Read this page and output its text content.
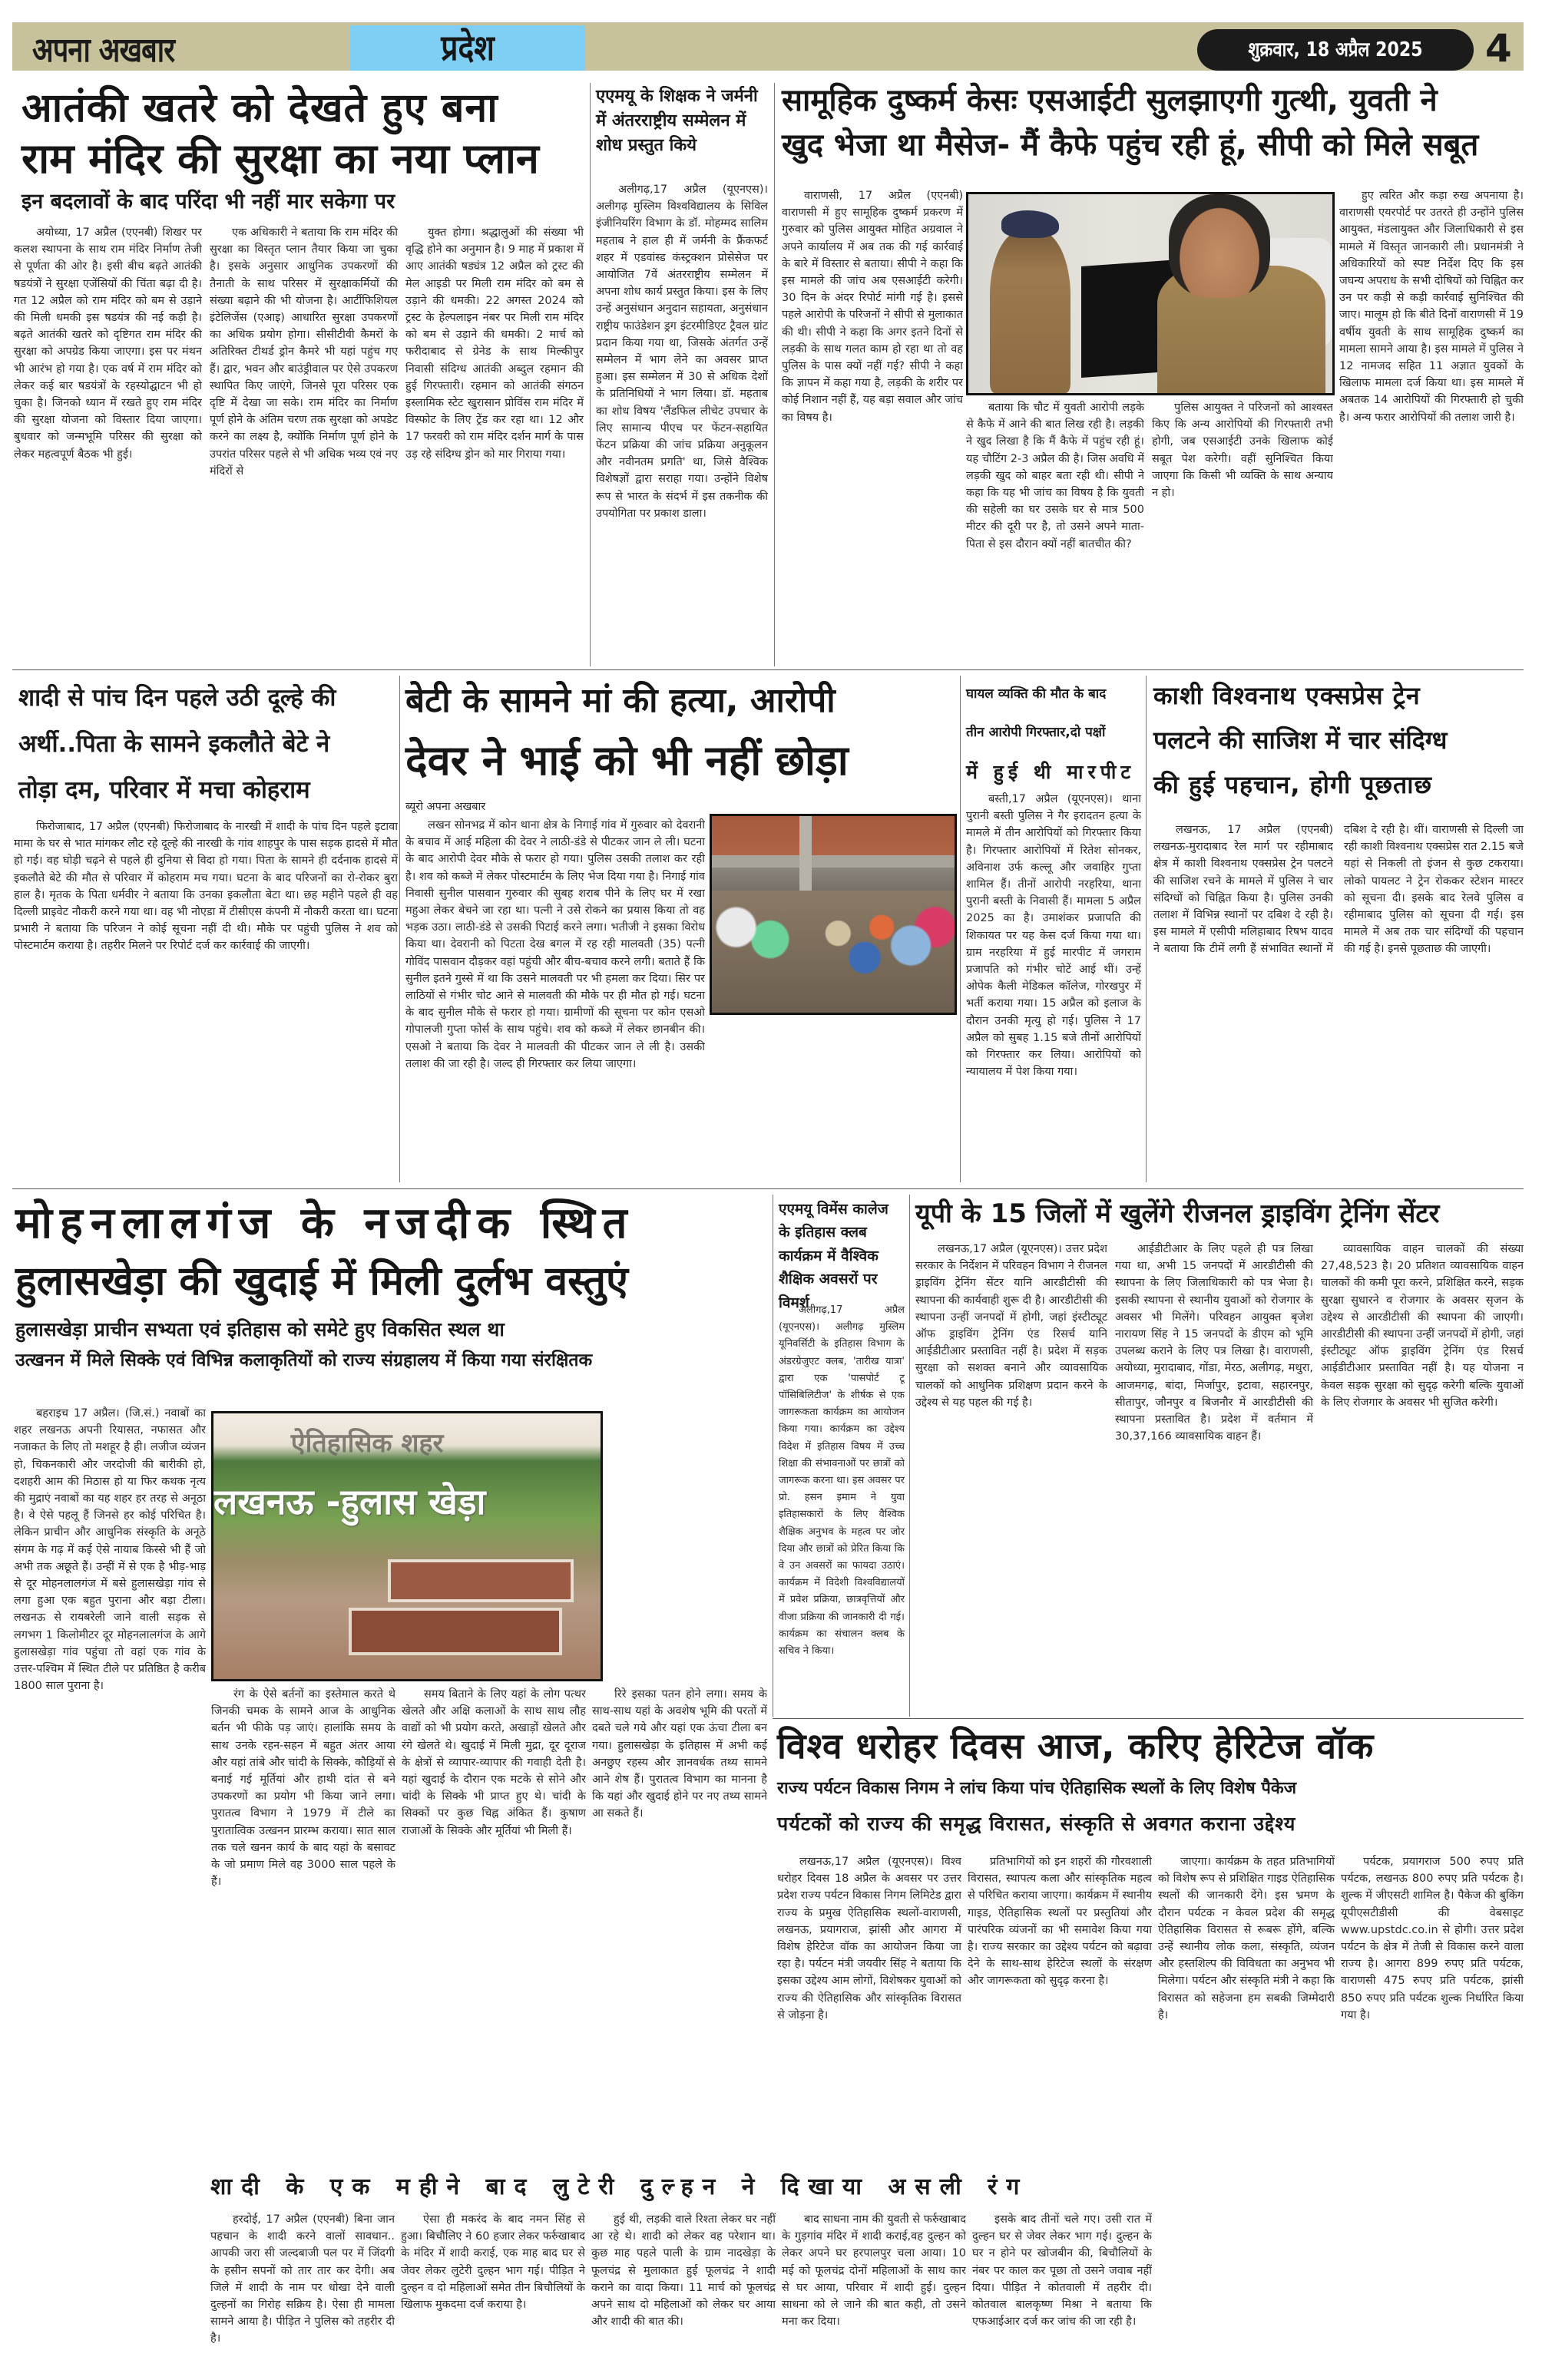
अपना अखबार	प्रदेश	शुक्रवार, 18 अप्रैल 2025	4
आतंकी खतरे को देखते हुए बना
राम मंदिर की सुरक्षा का नया प्लान
इन बदलावों के बाद परिंदा भी नहीं मार सकेगा पर

अयोध्या, 17 अप्रैल (एएनबी) शिखर पर कलश स्थापना के साथ राम मंदिर निर्माण तेजी से पूर्णता की ओर है। इसी बीच बढ़ते आतंकी षडयंत्रों ने सुरक्षा एजेंसियों की चिंता बढ़ा दी है। गत 12 अप्रैल को राम मंदिर को बम से उड़ाने की मिली धमकी इस षडयंत्र की नई कड़ी है। बढ़ते आतंकी खतरे को दृष्टिगत राम मंदिर की सुरक्षा को अपग्रेड किया जाएगा। इस पर मंथन भी आरंभ हो गया है। एक वर्ष में राम मंदिर को लेकर कई बार षडयंत्रों के रहस्योद्घाटन भी हो चुका है। जिनको ध्यान में रखते हुए राम मंदिर की सुरक्षा योजना को विस्तार दिया जाएगा। बुधवार को जन्मभूमि परिसर की सुरक्षा को लेकर महत्वपूर्ण बैठक भी हुई।

एक अधिकारी ने बताया कि राम मंदिर की सुरक्षा का विस्तृत प्लान तैयार किया जा चुका है। इसके अनुसार आधुनिक उपकरणों की तैनाती के साथ परिसर में सुरक्षाकर्मियों की संख्या बढ़ाने की भी योजना है। आर्टीफिशियल इंटेलिजेंस (एआइ) आधारित सुरक्षा उपकरणों का अधिक प्रयोग होगा। सीसीटीवी कैमरों के अतिरिक्त टीथर्ड ड्रोन कैमरे भी यहां पहुंच गए हैं। द्वार, भवन और बाउंड्रीवाल पर ऐसे उपकरण स्थापित किए जाएंगे, जिनसे पूरा परिसर एक दृष्टि में देखा जा सके। राम मंदिर का निर्माण पूर्ण होने के अंतिम चरण तक सुरक्षा को अपडेट करने का लक्ष्य है, क्योंकि निर्माण पूर्ण होने के उपरांत परिसर पहले से भी अधिक भव्य एवं नए मंदिरों से

युक्त होगा। श्रद्धालुओं की संख्या भी वृद्धि होने का अनुमान है। 9 माह में प्रकाश में आए आतंकी षड्यंत्र 12 अप्रैल को ट्रस्ट की मेल आइडी पर मिली राम मंदिर को बम से उड़ाने की धमकी। 22 अगस्त 2024 को ट्रस्ट के हेल्पलाइन नंबर पर मिली राम मंदिर को बम से उड़ाने की धमकी। 2 मार्च को फरीदाबाद से ग्रेनेड के साथ मिल्कीपुर निवासी संदिग्ध आतंकी अब्दुल रहमान की हुई गिरफ्तारी। रहमान को आतंकी संगठन इस्लामिक स्टेट खुरासान प्रोविंस राम मंदिर में विस्फोट के लिए ट्रेंड कर रहा था। 12 और 17 फरवरी को राम मंदिर दर्शन मार्ग के पास उड़ रहे संदिग्ध ड्रोन को मार गिराया गया।

एएमयू के शिक्षक ने जर्मनी में अंतरराष्ट्रीय सम्मेलन में शोध प्रस्तुत किये

अलीगढ़,17 अप्रैल (यूएनएस)। अलीगढ़ मुस्लिम विश्वविद्यालय के सिविल इंजीनियरिंग विभाग के डॉ. मोहम्मद सालिम महताब ने हाल ही में जर्मनी के फ्रैंकफर्ट शहर में एडवांस्ड कंस्ट्रक्शन प्रोसेसेज पर आयोजित 7वें अंतरराष्ट्रीय सम्मेलन में अपना शोध कार्य प्रस्तुत किया। इस के लिए उन्हें अनुसंधान अनुदान सहायता, अनुसंधान राष्ट्रीय फाउंडेशन ड्रग इंटरमीडिएट ट्रैवल ग्रांट प्रदान किया गया था, जिसके अंतर्गत उन्हें सम्मेलन में भाग लेने का अवसर प्राप्त हुआ। इस सम्मेलन में 30 से अधिक देशों के प्रतिनिधियों ने भाग लिया। डॉ. महताब का शोध विषय 'लैंडफिल लीचेट उपचार के लिए सामान्य पीएच पर फेंटन-सहायित फेंटन प्रक्रिया की जांच प्रक्रिया अनुकूलन और नवीनतम प्रगति' था, जिसे वैश्विक विशेषज्ञों द्वारा सराहा गया। उन्होंने विशेष रूप से भारत के संदर्भ में इस तकनीक की उपयोगिता पर प्रकाश डाला।

सामूहिक दुष्कर्म केसः एसआईटी सुलझाएगी गुत्थी, युवती ने
खुद भेजा था मैसेज- मैं कैफे पहुंच रही हूं, सीपी को मिले सबूत

वाराणसी, 17 अप्रैल (एएनबी) वाराणसी में हुए सामूहिक दुष्कर्म प्रकरण में गुरुवार को पुलिस आयुक्त मोहित अग्रवाल ने अपने कार्यालय में अब तक की गई कार्रवाई के बारे में विस्तार से बताया। सीपी ने कहा कि इस मामले की जांच अब एसआईटी करेगी। 30 दिन के अंदर रिपोर्ट मांगी गई है। इससे पहले आरोपी के परिजनों ने सीपी से मुलाकात की थी। सीपी ने कहा कि अगर इतने दिनों से लड़की के साथ गलत काम हो रहा था तो वह पुलिस के पास क्यों नहीं गई? सीपी ने कहा कि ज्ञापन में कहा गया है, लड़की के शरीर पर कोई निशान नहीं हैं, यह बड़ा सवाल और जांच का विषय है।

बताया कि चौट में युवती आरोपी लड़के से कैफे में आने की बात लिख रही है। लड़की ने खुद लिखा है कि मैं कैफे में पहुंच रही हूं। यह चौटिंग 2-3 अप्रैल की है। जिस अवधि में लड़की खुद को बाहर बता रही थी। सीपी ने कहा कि यह भी जांच का विषय है कि युवती की सहेली का घर उसके घर से मात्र 500 मीटर की दूरी पर है, तो उसने अपने माता-पिता से इस दौरान क्यों नहीं बातचीत की?

पुलिस आयुक्त ने परिजनों को आश्वस्त किए कि अन्य आरोपियों की गिरफ्तारी तभी होगी, जब एसआईटी उनके खिलाफ कोई सबूत पेश करेगी। वहीं सुनिश्चित किया जाएगा कि किसी भी व्यक्ति के साथ अन्याय न हो।

हुए त्वरित और कड़ा रुख अपनाया है। वाराणसी एयरपोर्ट पर उतरते ही उन्होंने पुलिस आयुक्त, मंडलायुक्त और जिलाधिकारी से इस मामले में विस्तृत जानकारी ली। प्रधानमंत्री ने अधिकारियों को स्पष्ट निर्देश दिए कि इस जघन्य अपराध के सभी दोषियों को चिह्नित कर उन पर कड़ी से कड़ी कार्रवाई सुनिश्चित की जाए। मालूम हो कि बीते दिनों वाराणसी में 19 वर्षीय युवती के साथ सामूहिक दुष्कर्म का मामला सामने आया है। इस मामले में पुलिस ने 12 नामजद सहित 11 अज्ञात युवकों के खिलाफ मामला दर्ज किया था। इस मामले में अबतक 14 आरोपियों की गिरफ्तारी हो चुकी है। अन्य फरार आरोपियों की तलाश जारी है।

शादी से पांच दिन पहले उठी दूल्हे की
अर्थी..पिता के सामने इकलौते बेटे ने
तोड़ा दम, परिवार में मचा कोहराम

फिरोजाबाद, 17 अप्रैल (एएनबी) फिरोजाबाद के नारखी में शादी के पांच दिन पहले इटावा मामा के घर से भात मांगकर लौट रहे दूल्हे की नारखी के गांव शाहपुर के पास सड़क हादसे में मौत हो गई। वह घोड़ी चढ़ने से पहले ही दुनिया से विदा हो गया। पिता के सामने ही दर्दनाक हादसे में इकलौते बेटे की मौत से परिवार में कोहराम मच गया। घटना के बाद परिजनों का रो-रोकर बुरा हाल है। मृतक के पिता धर्मवीर ने बताया कि उनका इकलौता बेटा था। छह महीने पहले ही वह दिल्ली प्राइवेट नौकरी करने गया था। वह भी नोएडा में टीसीएस कंपनी में नौकरी करता था। घटना प्रभारी ने बताया कि परिजन ने कोई सूचना नहीं दी थी। मौके पर पहुंची पुलिस ने शव को पोस्टमार्टम कराया है। तहरीर मिलने पर रिपोर्ट दर्ज कर कार्रवाई की जाएगी।

बेटी के सामने मां की हत्या, आरोपी
देवर ने भाई को भी नहीं छोड़ा
ब्यूरो अपना अखबार

लखन सोनभद्र में कोन थाना क्षेत्र के निगाई गांव में गुरुवार को देवरानी के बचाव में आई महिला की देवर ने लाठी-डंडे से पीटकर जान ले ली। घटना के बाद आरोपी देवर मौके से फरार हो गया। पुलिस उसकी तलाश कर रही है। शव को कब्जे में लेकर पोस्टमार्टम के लिए भेज दिया गया है। निगाई गांव निवासी सुनील पासवान गुरुवार की सुबह शराब पीने के लिए घर में रखा महुआ लेकर बेचने जा रहा था। पत्नी ने उसे रोकने का प्रयास किया तो वह भड़क उठा। लाठी-डंडे से उसकी पिटाई करने लगा। भतीजी ने इसका विरोध किया था। देवरानी को पिटता देख बगल में रह रही मालवती (35) पत्नी गोविंद पासवान दौड़कर वहां पहुंची और बीच-बचाव करने लगी। बताते हैं कि सुनील इतने गुस्से में था कि उसने मालवती पर भी हमला कर दिया। सिर पर लाठियों से गंभीर चोट आने से मालवती की मौके पर ही मौत हो गई। घटना के बाद सुनील मौके से फरार हो गया। ग्रामीणों की सूचना पर कोन एसओ गोपालजी गुप्ता फोर्स के साथ पहुंचे। शव को कब्जे में लेकर छानबीन की। एसओ ने बताया कि देवर ने मालवती की पीटकर जान ले ली है। उसकी तलाश की जा रही है। जल्द ही गिरफ्तार कर लिया जाएगा।

घायल व्यक्ति की मौत के बाद
तीन आरोपी गिरफ्तार,दो पक्षों
में हुई थी मारपीट

बस्ती,17 अप्रैल (यूएनएस)। थाना पुरानी बस्ती पुलिस ने गैर इरादतन हत्या के मामले में तीन आरोपियों को गिरफ्तार किया है। गिरफ्तार आरोपियों में रितेश सोनकर, अविनाश उर्फ कल्लू और जवाहिर गुप्ता शामिल हैं। तीनों आरोपी नरहरिया, थाना पुरानी बस्ती के निवासी हैं। मामला 5 अप्रैल 2025 का है। उमाशंकर प्रजापति की शिकायत पर यह केस दर्ज किया गया था। ग्राम नरहरिया में हुई मारपीट में जगराम प्रजापति को गंभीर चोटें आई थीं। उन्हें ओपेक कैली मेडिकल कॉलेज, गोरखपुर में भर्ती कराया गया। 15 अप्रैल को इलाज के दौरान उनकी मृत्यु हो गई। पुलिस ने 17 अप्रैल को सुबह 1.15 बजे तीनों आरोपियों को गिरफ्तार कर लिया। आरोपियों को न्यायालय में पेश किया गया।

काशी विश्वनाथ एक्सप्रेस ट्रेन
पलटने की साजिश में चार संदिग्ध
की हुई पहचान, होगी पूछताछ

लखनऊ, 17 अप्रैल (एएनबी) लखनऊ-मुरादाबाद रेल मार्ग पर रहीमाबाद क्षेत्र में काशी विश्वनाथ एक्सप्रेस ट्रेन पलटने की साजिश रचने के मामले में पुलिस ने चार संदिग्धों को चिह्नित किया है। पुलिस उनकी तलाश में विभिन्न स्थानों पर दबिश दे रही है। इस मामले में एसीपी मलिहाबाद रिषभ यादव ने बताया कि टीमें लगी हैं संभावित स्थानों में दबिश दे रही है। थीं। वाराणसी से दिल्ली जा रही काशी विश्वनाथ एक्सप्रेस रात 2.15 बजे यहां से निकली तो इंजन से कुछ टकराया। लोको पायलट ने ट्रेन रोककर स्टेशन मास्टर को सूचना दी। इसके बाद रेलवे पुलिस व रहीमाबाद पुलिस को सूचना दी गई। इस मामले में अब तक चार संदिग्धों की पहचान की गई है। इनसे पूछताछ की जाएगी।

मोहनलालगंज के नजदीक स्थित
हुलासखेड़ा की खुदाई में मिली दुर्लभ वस्तुएं
हुलासखेड़ा प्राचीन सभ्यता एवं इतिहास को समेटे हुए विकसित स्थल था
उत्खनन में मिले सिक्के एवं विभिन्न कलाकृतियों को राज्य संग्रहालय में किया गया संरक्षितक

बहराइच 17 अप्रैल। (जि.सं.) नवाबों का शहर लखनऊ अपनी रियासत, नफासत और नजाकत के लिए तो मशहूर है ही। लजीज व्यंजन हो, चिकनकारी और जरदोजी की बारीकी हो, दशहरी आम की मिठास हो या फिर कथक नृत्य की मुद्राएं नवाबों का यह शहर हर तरह से अनूठा है। वे ऐसे पहलू हैं जिनसे हर कोई परिचित है। लेकिन प्राचीन और आधुनिक संस्कृति के अनूठे संगम के गढ़ में कई ऐसे नायाब किस्से भी हैं जो अभी तक अछूते हैं। उन्हीं में से एक है भीड़-भाड़ से दूर मोहनलालगंज में बसे हुलासखेड़ा गांव से लगा हुआ एक बहुत पुराना और बड़ा टीला। लखनऊ से रायबरेली जाने वाली सड़क से लगभग 1 किलोमीटर दूर मोहनलालगंज के आगे हुलासखेड़ा गांव पहुंचा तो वहां एक गांव के उत्तर-पश्चिम में स्थित टीले पर प्रतिष्ठित है करीब 1800 साल पुराना है।

ऐतिहासिक शहर
लखनऊ -हुलास खेड़ा

रंग के ऐसे बर्तनों का इस्तेमाल करते थे जिनकी चमक के सामने आज के आधुनिक बर्तन भी फीके पड़ जाएं। हालांकि समय के साथ उनके रहन-सहन में बहुत अंतर आया और यहां तांबे और चांदी के सिक्के, कौड़ियों से बनाई गई मूर्तियां और हाथी दांत से बने उपकरणों का प्रयोग भी किया जाने लगा। पुरातत्व विभाग ने 1979 में टीले का पुरातात्विक उत्खनन प्रारम्भ कराया। सात साल तक चले खनन कार्य के बाद यहां के बसावट के जो प्रमाण मिले वह 3000 साल पहले के हैं।

समय बिताने के लिए यहां के लोग पत्थर खेलते और अक्षि कलाओं के साथ साथ लौह वाद्यों को भी प्रयोग करते, अखाड़ों खेलते और रंगे खेलते थे। खुदाई में मिली मुद्रा, दूर दूराज के क्षेत्रों से व्यापार-व्यापार की गवाही देती है। यहां खुदाई के दौरान एक मटके से सोने और चांदी के सिक्के भी प्राप्त हुए थे। चांदी के सिक्कों पर कुछ चिह्न अंकित हैं। कुषाण राजाओं के सिक्के और मूर्तियां भी मिली हैं।

रिरे इसका पतन होने लगा। समय के साथ-साथ यहां के अवशेष भूमि की परतों में दबते चले गये और यहां एक ऊंचा टीला बन गया। हुलासखेड़ा के इतिहास में अभी कई अनछुए रहस्य और ज्ञानवर्धक तथ्य सामने आने शेष हैं। पुरातत्व विभाग का मानना है कि यहां और खुदाई होने पर नए तथ्य सामने आ सकते हैं।

एएमयू विमेंस कालेज के इतिहास क्लब कार्यक्रम में वैश्विक शैक्षिक अवसरों पर विमर्श

अलीगढ़,17 अप्रैल (यूएनएस)। अलीगढ़ मुस्लिम यूनिवर्सिटी के इतिहास विभाग के अंडरग्रेजुएट क्लब, 'तारीख यात्रा' द्वारा एक 'पासपोर्ट टू पॉसिबिलिटीज' के शीर्षक से एक जागरूकता कार्यक्रम का आयोजन किया गया। कार्यक्रम का उद्देश्य विदेश में इतिहास विषय में उच्च शिक्षा की संभावनाओं पर छात्रों को जागरूक करना था। इस अवसर पर प्रो. हसन इमाम ने युवा इतिहासकारों के लिए वैश्विक शैक्षिक अनुभव के महत्व पर जोर दिया और छात्रों को प्रेरित किया कि वे उन अवसरों का फायदा उठाएं। कार्यक्रम में विदेशी विश्वविद्यालयों में प्रवेश प्रक्रिया, छात्रवृत्तियों और वीजा प्रक्रिया की जानकारी दी गई। कार्यक्रम का संचालन क्लब के सचिव ने किया।

यूपी के 15 जिलों में खुलेंगे रीजनल ड्राइविंग ट्रेनिंग सेंटर

लखनऊ,17 अप्रैल (यूएनएस)। उत्तर प्रदेश सरकार के निर्देशन में परिवहन विभाग ने रीजनल ड्राइविंग ट्रेनिंग सेंटर यानि आरडीटीसी की स्थापना की कार्यवाही शुरू दी है। आरडीटीसी की स्थापना उन्हीं जनपदों में होगी, जहां इंस्टीट्यूट ऑफ ड्राइविंग ट्रेनिंग एंड रिसर्च यानि आईडीटीआर प्रस्तावित नहीं है। प्रदेश में सड़क सुरक्षा को सशक्त बनाने और व्यावसायिक चालकों को आधुनिक प्रशिक्षण प्रदान करने के उद्देश्य से यह पहल की गई है।

आईडीटीआर के लिए पहले ही पत्र लिखा गया था, अभी 15 जनपदों में आरडीटीसी की स्थापना के लिए जिलाधिकारी को पत्र भेजा है। इसकी स्थापना से स्थानीय युवाओं को रोजगार के अवसर भी मिलेंगे। परिवहन आयुक्त बृजेश नारायण सिंह ने 15 जनपदों के डीएम को भूमि उपलब्ध कराने के लिए पत्र लिखा है। वाराणसी, अयोध्या, मुरादाबाद, गोंडा, मेरठ, अलीगढ़, मथुरा, आजमगढ़, बांदा, मिर्जापुर, इटावा, सहारनपुर, सीतापुर, जौनपुर व बिजनौर में आरडीटीसी की स्थापना प्रस्तावित है। प्रदेश में वर्तमान में 30,37,166 व्यावसायिक वाहन हैं।

व्यावसायिक वाहन चालकों की संख्या 27,48,523 है। 20 प्रतिशत व्यावसायिक वाहन चालकों की कमी पूरा करने, प्रशिक्षित करने, सड़क सुरक्षा सुधारने व रोजगार के अवसर सृजन के उद्देश्य से आरडीटीसी की स्थापना की जाएगी। आरडीटीसी की स्थापना उन्हीं जनपदों में होगी, जहां इंस्टीट्यूट ऑफ ड्राइविंग ट्रेनिंग एंड रिसर्च आईडीटीआर प्रस्तावित नहीं है। यह योजना न केवल सड़क सुरक्षा को सुदृढ़ करेगी बल्कि युवाओं के लिए रोजगार के अवसर भी सुजित करेगी।

विश्व धरोहर दिवस आज, करिए हेरिटेज वॉक
राज्य पर्यटन विकास निगम ने लांच किया पांच ऐतिहासिक स्थलों के लिए विशेष पैकेज
पर्यटकों को राज्य की समृद्ध विरासत, संस्कृति से अवगत कराना उद्देश्य

लखनऊ,17 अप्रैल (यूएनएस)। विश्व धरोहर दिवस 18 अप्रैल के अवसर पर उत्तर प्रदेश राज्य पर्यटन विकास निगम लिमिटेड द्वारा राज्य के प्रमुख ऐतिहासिक स्थलों-वाराणसी, लखनऊ, प्रयागराज, झांसी और आगरा में विशेष हेरिटेज वॉक का आयोजन किया जा रहा है। पर्यटन मंत्री जयवीर सिंह ने बताया कि इसका उद्देश्य आम लोगों, विशेषकर युवाओं को राज्य की ऐतिहासिक और सांस्कृतिक विरासत से जोड़ना है।

प्रतिभागियों को इन शहरों की गौरवशाली विरासत, स्थापत्य कला और सांस्कृतिक महत्व से परिचित कराया जाएगा। कार्यक्रम में स्थानीय गाइड, ऐतिहासिक स्थलों पर प्रस्तुतियां और पारंपरिक व्यंजनों का भी समावेश किया गया है। राज्य सरकार का उद्देश्य पर्यटन को बढ़ावा देने के साथ-साथ हेरिटेज स्थलों के संरक्षण और जागरूकता को सुदृढ़ करना है।

जाएगा। कार्यक्रम के तहत प्रतिभागियों को विशेष रूप से प्रशिक्षित गाइड ऐतिहासिक स्थलों की जानकारी देंगे। इस भ्रमण के दौरान पर्यटक न केवल प्रदेश की समृद्ध ऐतिहासिक विरासत से रूबरू होंगे, बल्कि उन्हें स्थानीय लोक कला, संस्कृति, व्यंजन और हस्तशिल्प की विविधता का अनुभव भी मिलेगा। पर्यटन और संस्कृति मंत्री ने कहा कि विरासत को सहेजना हम सबकी जिम्मेदारी है।

पर्यटक, प्रयागराज 500 रुपए प्रति पर्यटक, लखनऊ 800 रुपए प्रति पर्यटक है। शुल्क में जीएसटी शामिल है। पैकेज की बुकिंग यूपीएसटीडीसी की वेबसाइट www.upstdc.co.in से होगी। उत्तर प्रदेश पर्यटन के क्षेत्र में तेजी से विकास करने वाला राज्य है। आगरा 899 रुपए प्रति पर्यटक, वाराणसी 475 रुपए प्रति पर्यटक, झांसी 850 रुपए प्रति पर्यटक शुल्क निर्धारित किया गया है।

शादी के एक महीने बाद लुटेरी दुल्हन ने दिखाया असली रंग

हरदोई, 17 अप्रैल (एएनबी) बिना जान पहचान के शादी करने वालों सावधान.. आपकी जरा सी जल्दबाजी पल पर में जिंदगी के हसीन सपनों को तार तार कर देगी। अब जिले में शादी के नाम पर धोखा देने वाली दुल्हनों का गिरोह सक्रिय है। ऐसा ही मामला सामने आया है। पीड़ित ने पुलिस को तहरीर दी है।

ऐसा ही मकरंद के बाद नमन सिंह से हुआ। बिचौलिए ने 60 हजार लेकर फर्रुखाबाद के मंदिर में शादी कराई, एक माह बाद घर से जेवर लेकर लुटेरी दुल्हन भाग गई। पीड़ित ने दुल्हन व दो महिलाओं समेत तीन बिचौलियों के खिलाफ मुकदमा दर्ज कराया है।

हुई थी, लड़की वाले रिश्ता लेकर घर नहीं आ रहे थे। शादी को लेकर वह परेशान था। कुछ माह पहले पाली के ग्राम नादखेड़ा के फूलचंद्र से मुलाकात हुई फूलचंद्र ने शादी कराने का वादा किया। 11 मार्च को फूलचंद्र अपने साथ दो महिलाओं को लेकर घर आया और शादी की बात की।

बाद साधना नाम की युवती से फर्रुखाबाद के गुड़गांव मंदिर में शादी कराई,वह दुल्हन को लेकर अपने घर हरपालपुर चला आया। 10 मई को फूलचंद्र दोनों महिलाओं के साथ कार से घर आया, परिवार में शादी हुई। दुल्हन साधना को ले जाने की बात कही, तो उसने मना कर दिया।

इसके बाद तीनों चले गए। उसी रात में दुल्हन घर से जेवर लेकर भाग गई। दुल्हन के घर न होने पर खोजबीन की, बिचौलियों के नंबर पर काल कर पूछा तो उसने जवाब नहीं दिया। पीड़ित ने कोतवाली में तहरीर दी। कोतवाल बालकृष्ण मिश्रा ने बताया कि एफआईआर दर्ज कर जांच की जा रही है।
